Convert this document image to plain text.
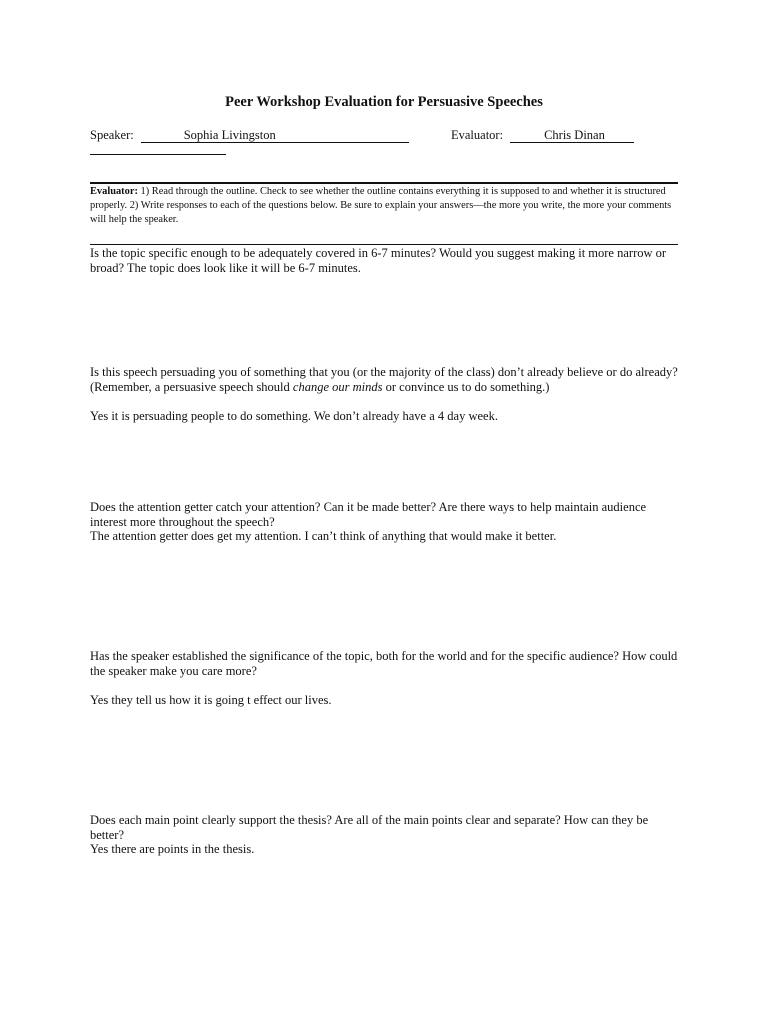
Peer Workshop Evaluation for Persuasive Speeches
Speaker:	Sophia Livingston	Evaluator:	Chris Dinan
Evaluator: 1) Read through the outline. Check to see whether the outline contains everything it is supposed to and whether it is structured properly. 2) Write responses to each of the questions below. Be sure to explain your answers—the more you write, the more your comments will help the speaker.
Is the topic specific enough to be adequately covered in 6-7 minutes? Would you suggest making it more narrow or broad? The topic does look like it will be 6-7 minutes.
Is this speech persuading you of something that you (or the majority of the class) don’t already believe or do already? (Remember, a persuasive speech should change our minds or convince us to do something.)
Yes it is persuading people to do something. We don’t already have a 4 day week.
Does the attention getter catch your attention? Can it be made better? Are there ways to help maintain audience interest more throughout the speech?
The attention getter does get my attention. I can’t think of anything that would make it better.
Has the speaker established the significance of the topic, both for the world and for the specific audience? How could the speaker make you care more?
Yes they tell us how it is going t effect our lives.
Does each main point clearly support the thesis? Are all of the main points clear and separate? How can they be better?
Yes there are points in the thesis.
